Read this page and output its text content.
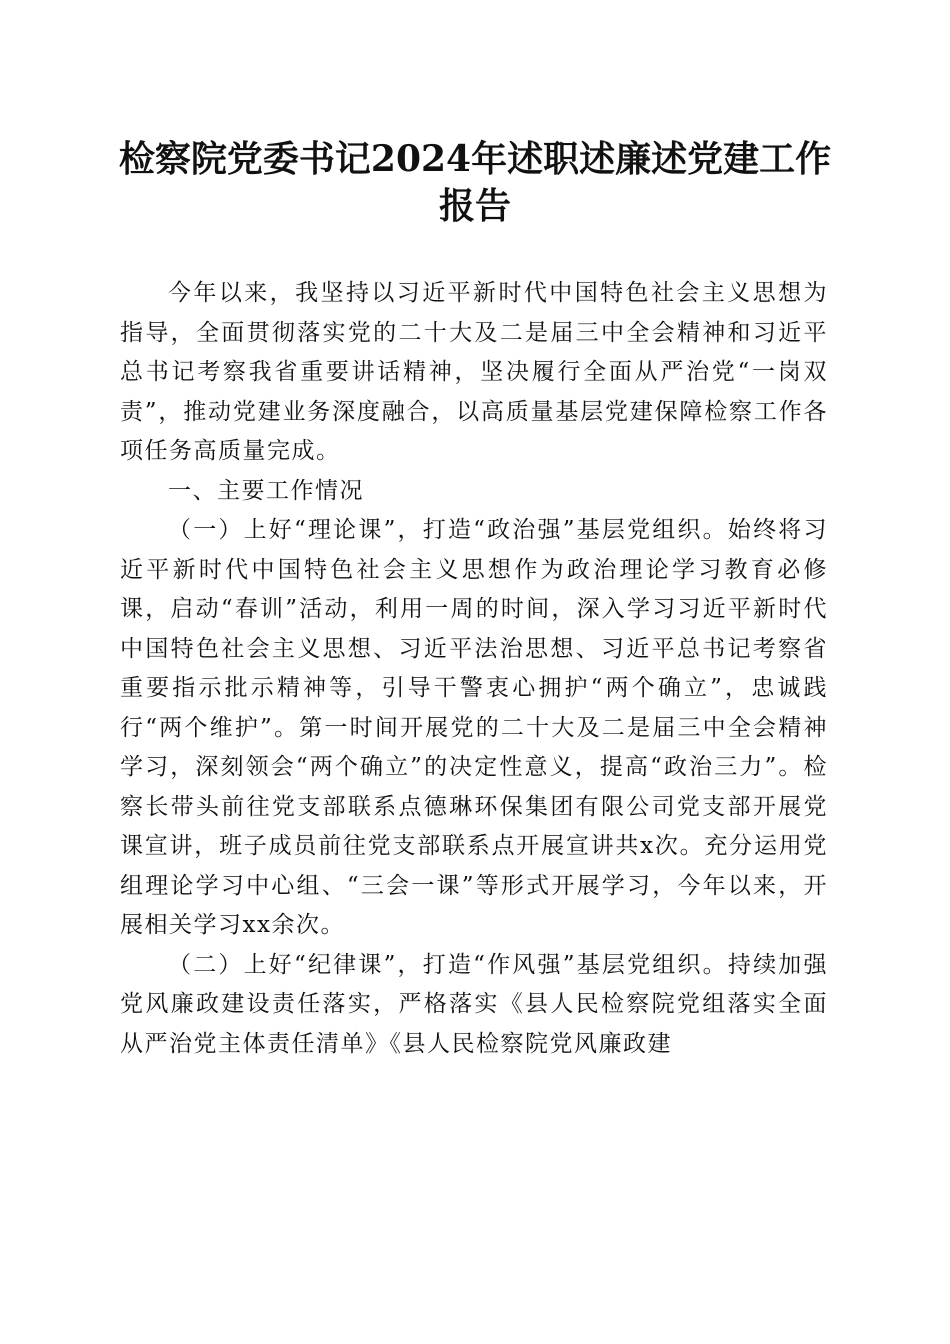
检察院党委书记2024年述职述廉述党建工作
报告

今年以来，我坚持以习近平新时代中国特色社会主义思想为指导，全面贯彻落实党的二十大及二是届三中全会精神和习近平总书记考察我省重要讲话精神，坚决履行全面从严治党“一岗双责”，推动党建业务深度融合，以高质量基层党建保障检察工作各项任务高质量完成。

一、主要工作情况

（一）上好“理论课”，打造“政治强”基层党组织。始终将习近平新时代中国特色社会主义思想作为政治理论学习教育必修课，启动“春训”活动，利用一周的时间，深入学习习近平新时代中国特色社会主义思想、习近平法治思想、习近平总书记考察省重要指示批示精神等，引导干警衷心拥护“两个确立”，忠诚践行“两个维护”。第一时间开展党的二十大及二是届三中全会精神学习，深刻领会“两个确立”的决定性意义，提高“政治三力”。检察长带头前往党支部联系点德琳环保集团有限公司党支部开展党课宣讲，班子成员前往党支部联系点开展宣讲共x次。充分运用党组理论学习中心组、“三会一课”等形式开展学习，今年以来，开展相关学习xx余次。

（二）上好“纪律课”，打造“作风强”基层党组织。持续加强党风廉政建设责任落实，严格落实《县人民检察院党组落实全面从严治党主体责任清单》《县人民检察院党风廉政建
